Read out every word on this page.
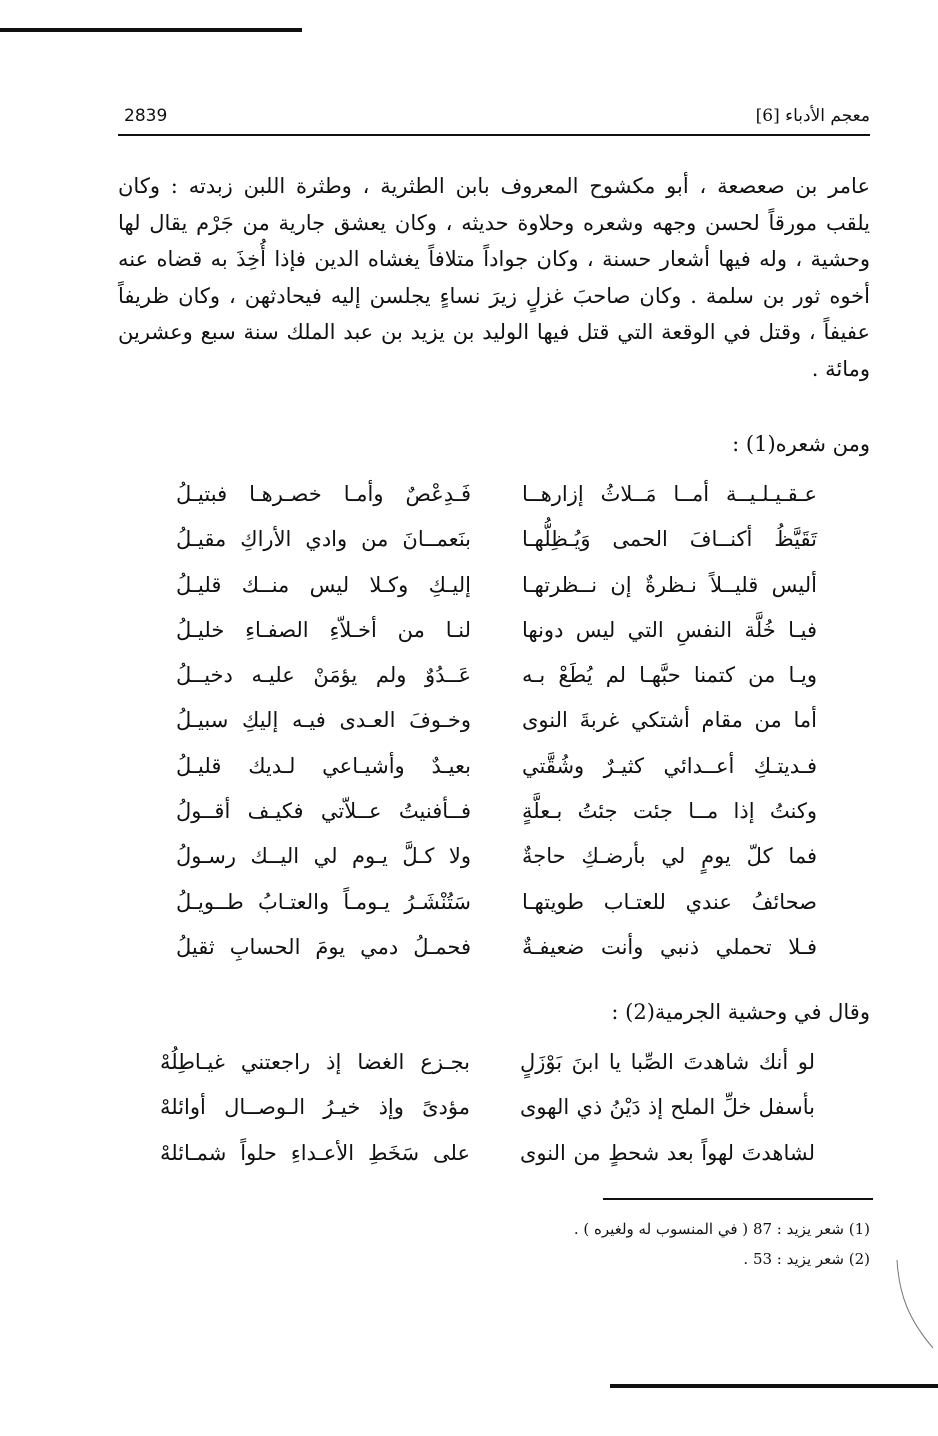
معجم الأدباء [6]
2839
عامر بن صعصعة ، أبو مكشوح المعروف بابن الطثرية ، وطثرة اللبن زبدته : وكان
يلقب مورقاً لحسن وجهه وشعره وحلاوة حديثه ، وكان يعشق جارية من جَرْم يقال لها
وحشية ، وله فيها أشعار حسنة ، وكان جواداً متلافاً يغشاه الدين فإذا أُخِذَ به قضاه عنه
أخوه ثور بن سلمة . وكان صاحبَ غزلٍ زيرَ نساءٍ يجلسن إليه فيحادثهن ، وكان ظريفاً
عفيفاً ، وقتل في الوقعة التي قتل فيها الوليد بن يزيد بن عبد الملك سنة سبع وعشرين
ومائة .
ومن شعره(1) :
عـقـيـلـيــة أمــا مَــلاثُ إزارهــا
فَـدِعْصٌ وأمـا خصـرهـا فبتيـلُ
تَقَيَّظُ أكنــافَ الحمى وَيُـظِلُّهـا
بنَعمــانَ من وادي الأراكِ مقيـلُ
أليس قليــلاً نـظرةٌ إن نــظرتهـا
إليـكِ وكـلا ليس منــك قليـلُ
فيـا خُلَّة النفسِ التي ليس دونها
لنـا من أخـلاّءِ الصفـاءِ خليـلُ
ويـا من كتمنا حبَّهـا لم يُطَعْ بـه
عَــدُوٌ ولم يؤمَنْ عليـه دخيــلُ
أما من مقام أشتكي غربةَ النوى
وخـوفَ العـدى فيـه إليكِ سبيـلُ
فـديتـكِ أعــدائي كثيـرٌ وشُقَّتي
بعيـدٌ وأشيـاعي لـديك قليـلُ
وكنتُ إذا مــا جئت جئتُ بـعلَّةٍ
فــأفنيتُ عــلاّتي فكيـف أقــولُ
فما كلّ يومٍ لي بأرضـكِ حاجةٌ
ولا كـلَّ يـوم لي اليــك رسـولُ
صحائفُ عندي للعتـاب طويتهـا
سَتُنْشَـرُ يـومـاً والعتـابُ طــويـلُ
فـلا تحملي ذنبي وأنت ضعيفـةٌ
فحمـلُ دمي يومَ الحسابِ ثقيلُ
وقال في وحشية الجرمية(2) :
لو أنك شاهدتَ الصِّبا يا ابنَ بَوْزَلٍ
بجـزع الغضا إذ راجعتني غيـاطِلُهْ
بأسفل خلِّ الملح إذ دَيْنُ ذي الهوى
مؤدىً وإذ خيـرُ الـوصــال أوائلهْ
لشاهدتَ لهواً بعد شحطٍ من النوى
على سَخَطِ الأعـداءِ حلواً شمـائلهْ
(1) شعر يزيد : 87 ( في المنسوب له ولغيره ) .
(2) شعر يزيد : 53 .
